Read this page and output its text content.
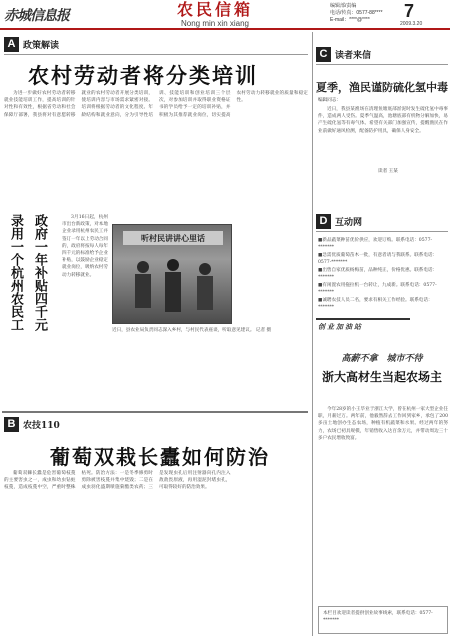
赤城信息报	农民信箱
Nong min xin xiang
编辑部/责编
电话/传真：0577-88****
E-mail：****@****	7
2009.3.20
A 政策解读
农村劳动者将分类培训
为进一步做好农村劳动者转移就业技能培训工作，提高培训的针对性和有效性，根据省劳动和社会保障厅部署，我县将对有意愿转移就业的农村劳动者开展分类培训，使培训内容与市场需求紧密对接。培训将根据劳动者的文化程度、年龄结构和就业意向，分为引导性培训、技能培训和创业培训三个层次，对参加培训并取得职业资格证书的学员给予一定的培训补贴，并积极为其推荐就业岗位，切实提高农村劳动力转移就业的质量和稳定性。
录用一个杭州农民工 政府一年补贴四千元	3月16日起，杭州市出台新政策，对本地企业录用杭州农民工并签订一年以上劳动合同的，政府将按每人每年四千元的标准给予企业补贴，以鼓励企业稳定就业岗位，吸纳农村劳动力转移就业。
听村民讲讲心里话
近日，县农业局负责同志深入乡村，与村民代表座谈，听取意见建议。 记者 摄
B 农技110
葡萄双栽长蠹如何防治
葡萄双棘长蠹是危害葡萄枝蔓的主要害虫之一，成虫和幼虫钻蛀枝蔓，造成枝蔓中空，严重时整株枯死。防治方法：一是冬季修剪时剪除被害枝蔓并集中烧毁；二是在成虫羽化盛期喷施菊酯类农药；三是发现虫孔后用注射器向孔内注入敌敌畏原液，再用湿泥封堵虫孔，可取得较好的防治效果。
C 读者来信
夏季，渔民谨防硫化氢中毒
编辑同志：
近日，我县某渔场在清理鱼塘底部淤泥时发生硫化氢中毒事件，造成两人受伤。夏季气温高，池塘底部有机物分解加快，易产生硫化氢等有毒气体。希望有关部门加强宣传，提醒渔民在作业前做好通风检测，配备防护用具，确保人身安全。
读者 王某
D 互动网
■新品蔬菜种苗优价供应，欢迎订购。联系电话：0577-*******
■急需优质葡萄苗木一批，有意者请与我联系。联系电话：0577-*******
■出售自家优质杨梅苗，品种纯正，价格优惠。联系电话：*******
■有闲置农用拖拉机一台转让，九成新。联系电话：0577-*******
■诚聘农技人员二名，要求有相关工作经验。联系电话：*******
创业加油站
高薪不拿　城市不待
浙大高材生当起农场主
今年28岁的小王毕业于浙江大学，曾在杭州一家大型企业任职，月薪过万。两年前，他毅然辞去工作回到家乡，承包了200多亩土地创办生态农场，种植有机蔬菜和水果。经过两年的努力，农场已初具规模，年销售收入达百余万元，并带动周边三十多户农民增收致富。
本栏目欢迎读者提供创业故事线索，联系电话：0577-*******
